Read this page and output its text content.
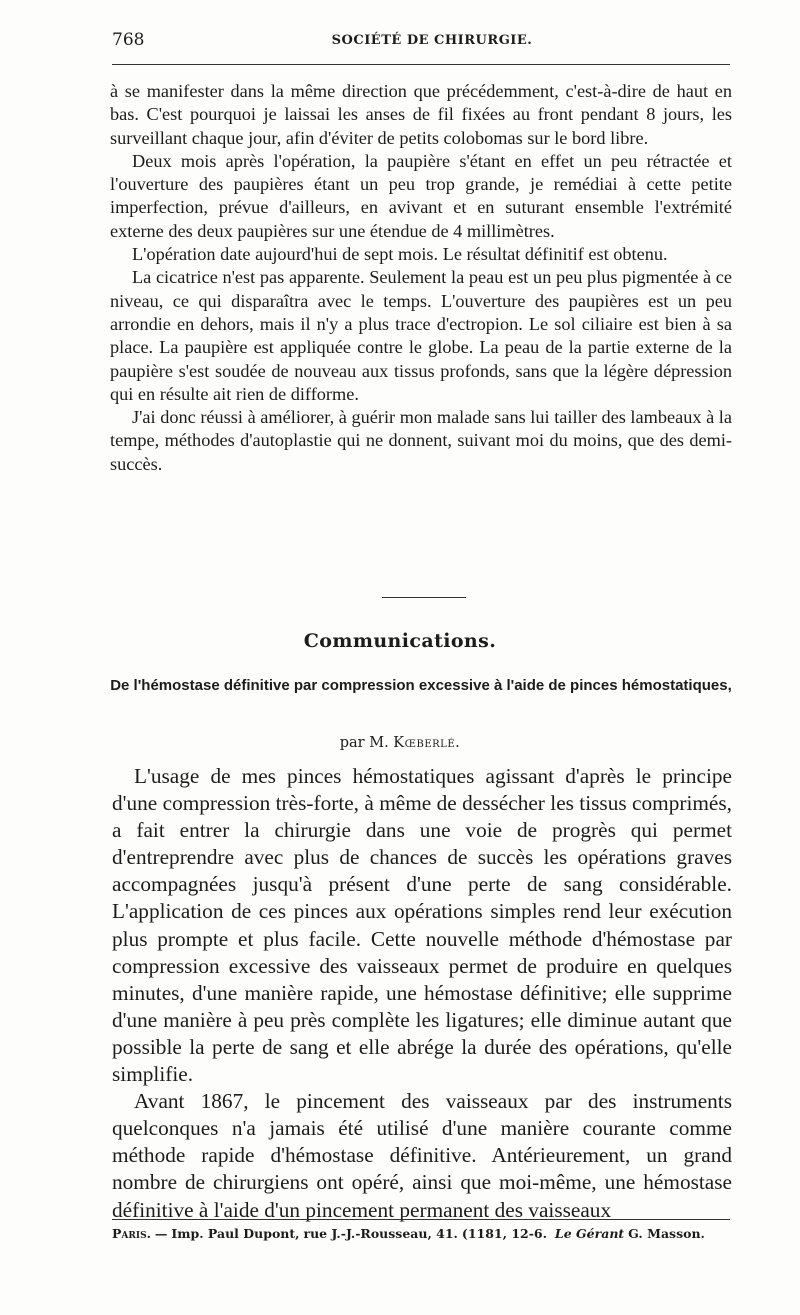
768	SOCIÉTÉ DE CHIRURGIE.

à se manifester dans la même direction que précédemment, c'est-à-dire de haut en bas. C'est pourquoi je laissai les anses de fil fixées au front pendant 8 jours, les surveillant chaque jour, afin d'éviter de petits colobomas sur le bord libre.

Deux mois après l'opération, la paupière s'étant en effet un peu rétractée et l'ouverture des paupières étant un peu trop grande, je remédiai à cette petite imperfection, prévue d'ailleurs, en avivant et en suturant ensemble l'extrémité externe des deux paupières sur une étendue de 4 millimètres.

L'opération date aujourd'hui de sept mois. Le résultat définitif est obtenu.

La cicatrice n'est pas apparente. Seulement la peau est un peu plus pigmentée à ce niveau, ce qui disparaîtra avec le temps. L'ouverture des paupières est un peu arrondie en dehors, mais il n'y a plus trace d'ectropion. Le sol ciliaire est bien à sa place. La paupière est appliquée contre le globe. La peau de la partie externe de la paupière s'est soudée de nouveau aux tissus profonds, sans que la légère dépression qui en résulte ait rien de difforme.

J'ai donc réussi à améliorer, à guérir mon malade sans lui tailler des lambeaux à la tempe, méthodes d'autoplastie qui ne donnent, suivant moi du moins, que des demi-succès.

Communications.
De l'hémostase définitive par compression excessive à l'aide de pinces hémostatiques,
par M. Kœberlé.

L'usage de mes pinces hémostatiques agissant d'après le principe d'une compression très-forte, à même de dessécher les tissus comprimés, a fait entrer la chirurgie dans une voie de progrès qui permet d'entreprendre avec plus de chances de succès les opérations graves accompagnées jusqu'à présent d'une perte de sang considérable. L'application de ces pinces aux opérations simples rend leur exécution plus prompte et plus facile. Cette nouvelle méthode d'hémostase par compression excessive des vaisseaux permet de produire en quelques minutes, d'une manière rapide, une hémostase définitive; elle supprime d'une manière à peu près complète les ligatures; elle diminue autant que possible la perte de sang et elle abrége la durée des opérations, qu'elle simplifie.

Avant 1867, le pincement des vaisseaux par des instruments quelconques n'a jamais été utilisé d'une manière courante comme méthode rapide d'hémostase définitive. Antérieurement, un grand nombre de chirurgiens ont opéré, ainsi que moi-même, une hémostase définitive à l'aide d'un pincement permanent des vaisseaux

Paris. — Imp. Paul Dupont, rue J.-J.-Rousseau, 41. (1181, 12-6. Le Gérant G. Masson.
